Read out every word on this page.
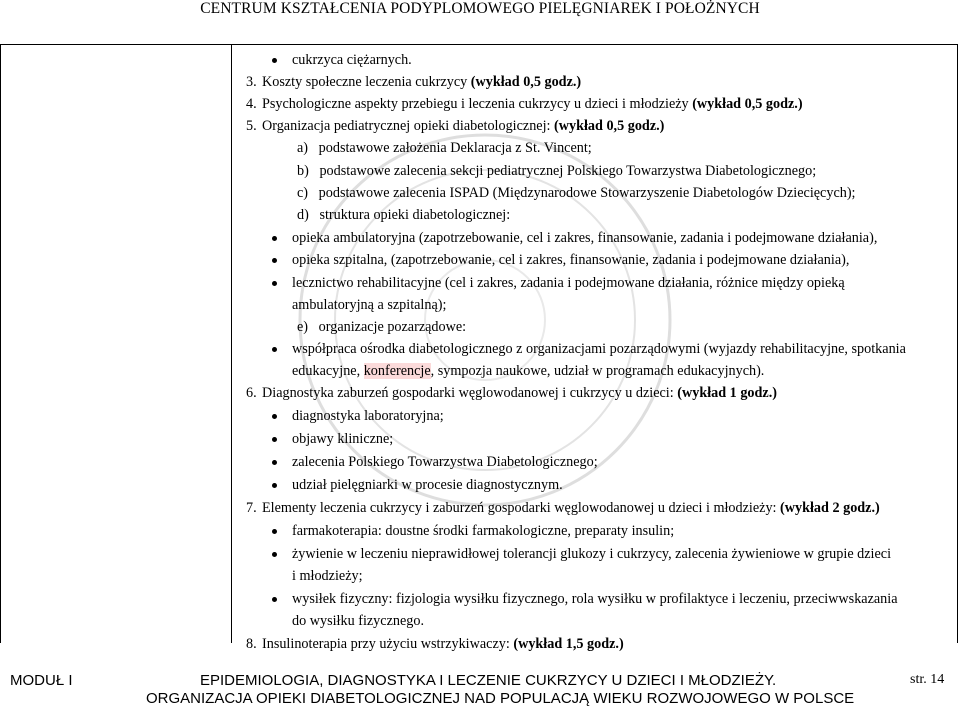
CENTRUM KSZTAŁCENIA PODYPLOMOWEGO PIELĘGNIAREK I POŁOŻNYCH
cukrzyca ciężarnych.
3. Koszty społeczne leczenia cukrzycy (wykład 0,5 godz.)
4. Psychologiczne aspekty przebiegu i leczenia cukrzycy u dzieci i młodzieży (wykład 0,5 godz.)
5. Organizacja pediatrycznej opieki diabetologicznej: (wykład 0,5 godz.)
a)   podstawowe założenia Deklaracja z St. Vincent;
b)   podstawowe zalecenia sekcji pediatrycznej Polskiego Towarzystwa Diabetologicznego;
c)   podstawowe zalecenia ISPAD (Międzynarodowe Stowarzyszenie Diabetologów Dziecięcych);
d)   struktura opieki diabetologicznej:
opieka ambulatoryjna (zapotrzebowanie, cel i zakres, finansowanie, zadania i podejmowane działania),
opieka szpitalna, (zapotrzebowanie, cel i zakres, finansowanie, zadania i podejmowane działania),
lecznictwo rehabilitacyjne (cel i zakres, zadania i podejmowane działania, różnice między opieką
ambulatoryjną a szpitalną);
e)   organizacje pozarządowe:
współpraca ośrodka diabetologicznego z organizacjami pozarządowymi (wyjazdy rehabilitacyjne, spotkania
edukacyjne, konferencje, sympozja naukowe, udział w programach edukacyjnych).
6. Diagnostyka zaburzeń gospodarki węglowodanowej i cukrzycy u dzieci: (wykład 1 godz.)
diagnostyka laboratoryjna;
objawy kliniczne;
zalecenia Polskiego Towarzystwa Diabetologicznego;
udział pielęgniarki w procesie diagnostycznym.
7. Elementy leczenia cukrzycy i zaburzeń gospodarki węglowodanowej u dzieci i młodzieży: (wykład 2 godz.)
farmakoterapia: doustne środki farmakologiczne, preparaty insulin;
żywienie w leczeniu nieprawidłowej tolerancji glukozy i cukrzycy, zalecenia żywieniowe w grupie dzieci
i młodzieży;
wysiłek fizyczny: fizjologia wysiłku fizycznego, rola wysiłku w profilaktyce i leczeniu, przeciwwskazania
do wysiłku fizycznego.
8. Insulinoterapia przy użyciu wstrzykiwaczy: (wykład 1,5 godz.)
MODUŁ I	EPIDEMIOLOGIA, DIAGNOSTYKA I LECZENIE CUKRZYCY U DZIECI I MŁODZIEŻY.
ORGANIZACJA OPIEKI DIABETOLOGICZNEJ NAD POPULACJĄ WIEKU ROZWOJOWEGO W POLSCE
str. 14
